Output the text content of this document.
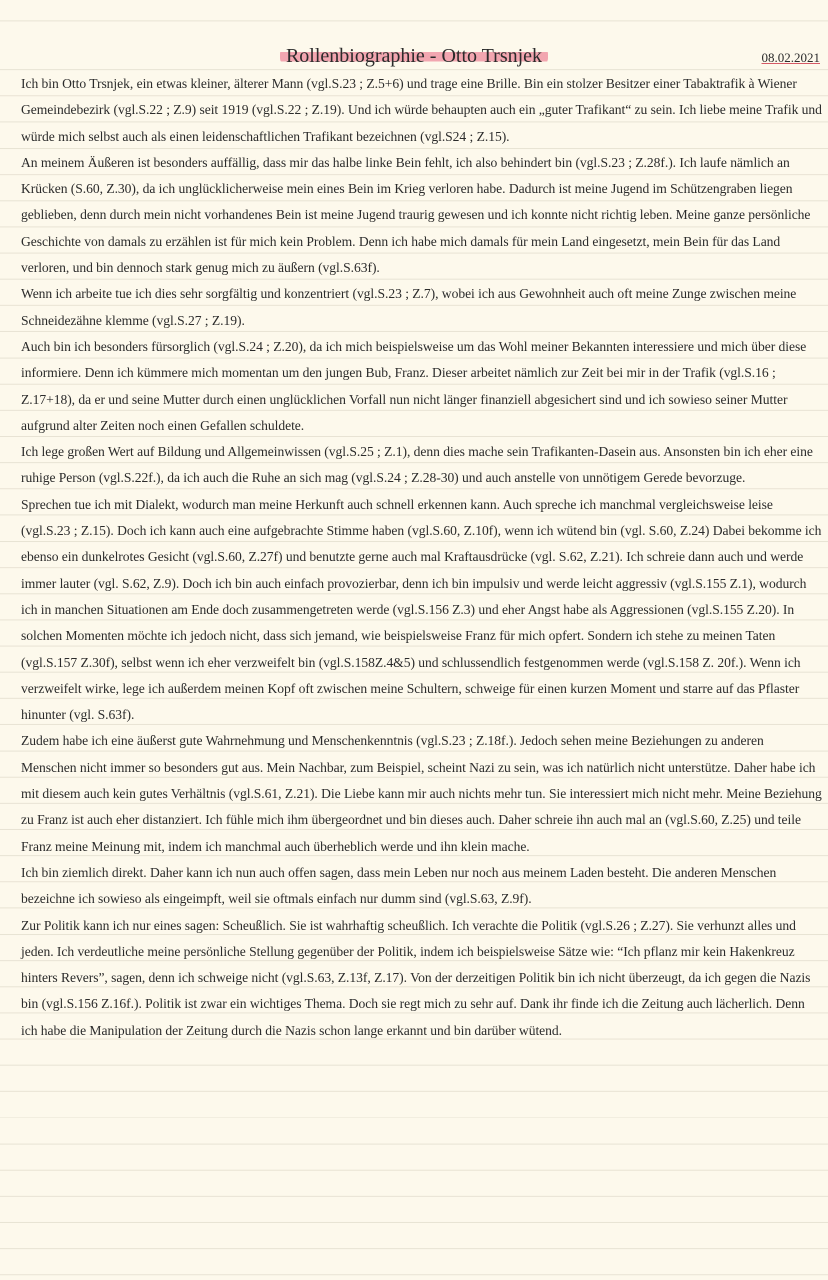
Rollenbiographie - Otto Trsnjek	08.02.2021

Ich bin Otto Trsnjek, ein etwas kleiner, älterer Mann (vgl.S.23 ; Z.5+6) und trage eine Brille. Bin ein stolzer Besitzer einer Tabaktrafik à Wiener Gemeindebezirk (vgl.S.22 ; Z.9) seit 1919 (vgl.S.22 ; Z.19). Und ich würde behaupten auch ein „guter Trafikant“ zu sein. Ich liebe meine Trafik und würde mich selbst auch als einen leidenschaftlichen Trafikant bezeichnen (vgl.S24 ; Z.15).

An meinem Äußeren ist besonders auffällig, dass mir das halbe linke Bein fehlt, ich also behindert bin (vgl.S.23 ; Z.28f.). Ich laufe nämlich an Krücken (S.60, Z.30), da ich unglücklicherweise mein eines Bein im Krieg verloren habe. Dadurch ist meine Jugend im Schützengraben liegen geblieben, denn durch mein nicht vorhandenes Bein ist meine Jugend traurig gewesen und ich konnte nicht richtig leben. Meine ganze persönliche Geschichte von damals zu erzählen ist für mich kein Problem. Denn ich habe mich damals für mein Land eingesetzt, mein Bein für das Land verloren, und bin dennoch stark genug mich zu äußern (vgl.S.63f).

Wenn ich arbeite tue ich dies sehr sorgfältig und konzentriert (vgl.S.23 ; Z.7), wobei ich aus Gewohnheit auch oft meine Zunge zwischen meine Schneidezähne klemme (vgl.S.27 ; Z.19).

Auch bin ich besonders fürsorglich (vgl.S.24 ; Z.20), da ich mich beispielsweise um das Wohl meiner Bekannten interessiere und mich über diese informiere. Denn ich kümmere mich momentan um den jungen Bub, Franz. Dieser arbeitet nämlich zur Zeit bei mir in der Trafik (vgl.S.16 ; Z.17+18), da er und seine Mutter durch einen unglücklichen Vorfall nun nicht länger finanziell abgesichert sind und ich sowieso seiner Mutter aufgrund alter Zeiten noch einen Gefallen schuldete.

Ich lege großen Wert auf Bildung und Allgemeinwissen (vgl.S.25 ; Z.1), denn dies mache sein Trafikanten-Dasein aus. Ansonsten bin ich eher eine ruhige Person (vgl.S.22f.), da ich auch die Ruhe an sich mag (vgl.S.24 ; Z.28-30) und auch anstelle von unnötigem Gerede bevorzuge.

Sprechen tue ich mit Dialekt, wodurch man meine Herkunft auch schnell erkennen kann. Auch spreche ich manchmal vergleichsweise leise (vgl.S.23 ; Z.15). Doch ich kann auch eine aufgebrachte Stimme haben (vgl.S.60, Z.10f), wenn ich wütend bin (vgl. S.60, Z.24) Dabei bekomme ich ebenso ein dunkelrotes Gesicht (vgl.S.60, Z.27f) und benutzte gerne auch mal Kraftausdrücke (vgl. S.62, Z.21). Ich schreie dann auch und werde immer lauter (vgl. S.62, Z.9). Doch ich bin auch einfach provozierbar, denn ich bin impulsiv und werde leicht aggressiv (vgl.S.155 Z.1), wodurch ich in manchen Situationen am Ende doch zusammengetreten werde (vgl.S.156 Z.3) und eher Angst habe als Aggressionen (vgl.S.155 Z.20). In solchen Momenten möchte ich jedoch nicht, dass sich jemand, wie beispielsweise Franz für mich opfert. Sondern ich stehe zu meinen Taten (vgl.S.157 Z.30f), selbst wenn ich eher verzweifelt bin (vgl.S.158Z.4&5) und schlussendlich festgenommen werde (vgl.S.158 Z. 20f.). Wenn ich verzweifelt wirke, lege ich außerdem meinen Kopf oft zwischen meine Schultern, schweige für einen kurzen Moment und starre auf das Pflaster hinunter (vgl. S.63f).

Zudem habe ich eine äußerst gute Wahrnehmung und Menschenkenntnis (vgl.S.23 ; Z.18f.). Jedoch sehen meine Beziehungen zu anderen Menschen nicht immer so besonders gut aus. Mein Nachbar, zum Beispiel, scheint Nazi zu sein, was ich natürlich nicht unterstütze. Daher habe ich mit diesem auch kein gutes Verhältnis (vgl.S.61, Z.21). Die Liebe kann mir auch nichts mehr tun. Sie interessiert mich nicht mehr. Meine Beziehung zu Franz ist auch eher distanziert. Ich fühle mich ihm übergeordnet und bin dieses auch. Daher schreie ihn auch mal an (vgl.S.60, Z.25) und teile Franz meine Meinung mit, indem ich manchmal auch überheblich werde und ihn klein mache.

Ich bin ziemlich direkt. Daher kann ich nun auch offen sagen, dass mein Leben nur noch aus meinem Laden besteht. Die anderen Menschen bezeichne ich sowieso als eingeimpft, weil sie oftmals einfach nur dumm sind (vgl.S.63, Z.9f).

Zur Politik kann ich nur eines sagen: Scheußlich. Sie ist wahrhaftig scheußlich. Ich verachte die Politik (vgl.S.26 ; Z.27). Sie verhunzt alles und jeden. Ich verdeutliche meine persönliche Stellung gegenüber der Politik, indem ich beispielsweise Sätze wie: “Ich pflanz mir kein Hakenkreuz hinters Revers”, sagen, denn ich schweige nicht (vgl.S.63, Z.13f, Z.17). Von der derzeitigen Politik bin ich nicht überzeugt, da ich gegen die Nazis bin (vgl.S.156 Z.16f.). Politik ist zwar ein wichtiges Thema. Doch sie regt mich zu sehr auf. Dank ihr finde ich die Zeitung auch lächerlich. Denn ich habe die Manipulation der Zeitung durch die Nazis schon lange erkannt und bin darüber wütend.
